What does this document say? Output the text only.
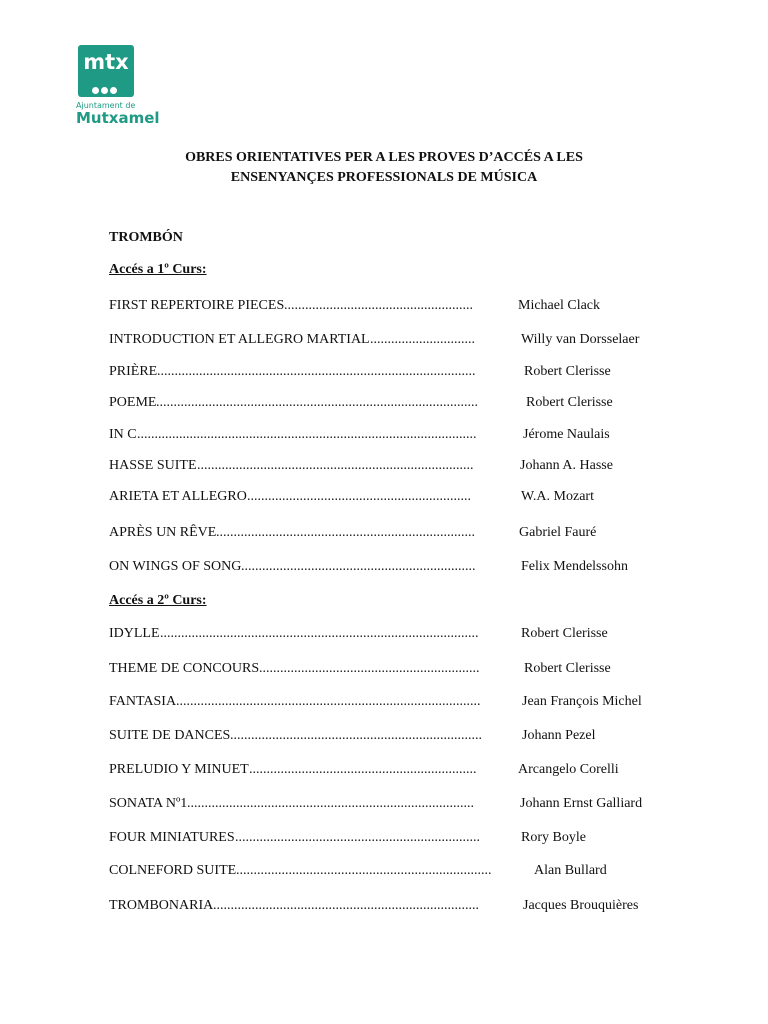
mtx
Ajuntament de
Mutxamel
OBRES ORIENTATIVES PER A LES PROVES D’ACCÉS A LES
ENSENYANÇES PROFESSIONALS DE MÚSICA
TROMBÓN
Accés a 1º Curs:
FIRST REPERTOIRE PIECES ......................................................	Michael Clack
INTRODUCTION ET ALLEGRO MARTIAL ..............................	Willy van Dorsselaer
PRIÈRE ...........................................................................................	Robert Clerisse
POEME ............................................................................................	Robert Clerisse
IN C .................................................................................................	Jérome Naulais
HASSE SUITE ...............................................................................	Johann A. Hasse
ARIETA ET ALLEGRO ................................................................	W.A. Mozart
APRÈS UN RÊVE ..........................................................................	Gabriel Fauré
ON WINGS OF SONG ...................................................................	Felix Mendelssohn
Accés a 2º Curs:
IDYLLE ...........................................................................................	Robert Clerisse
THEME DE CONCOURS ...............................................................	Robert Clerisse
FANTASIA .......................................................................................	Jean François Michel
SUITE DE DANCES ........................................................................	Johann Pezel
PRELUDIO Y MINUET .................................................................	Arcangelo Corelli
SONATA Nº1 ..................................................................................	Johann Ernst Galliard
FOUR MINIATURES ......................................................................	Rory Boyle
COLNEFORD SUITE .........................................................................	Alan Bullard
TROMBONARIA ............................................................................	Jacques Brouquières
